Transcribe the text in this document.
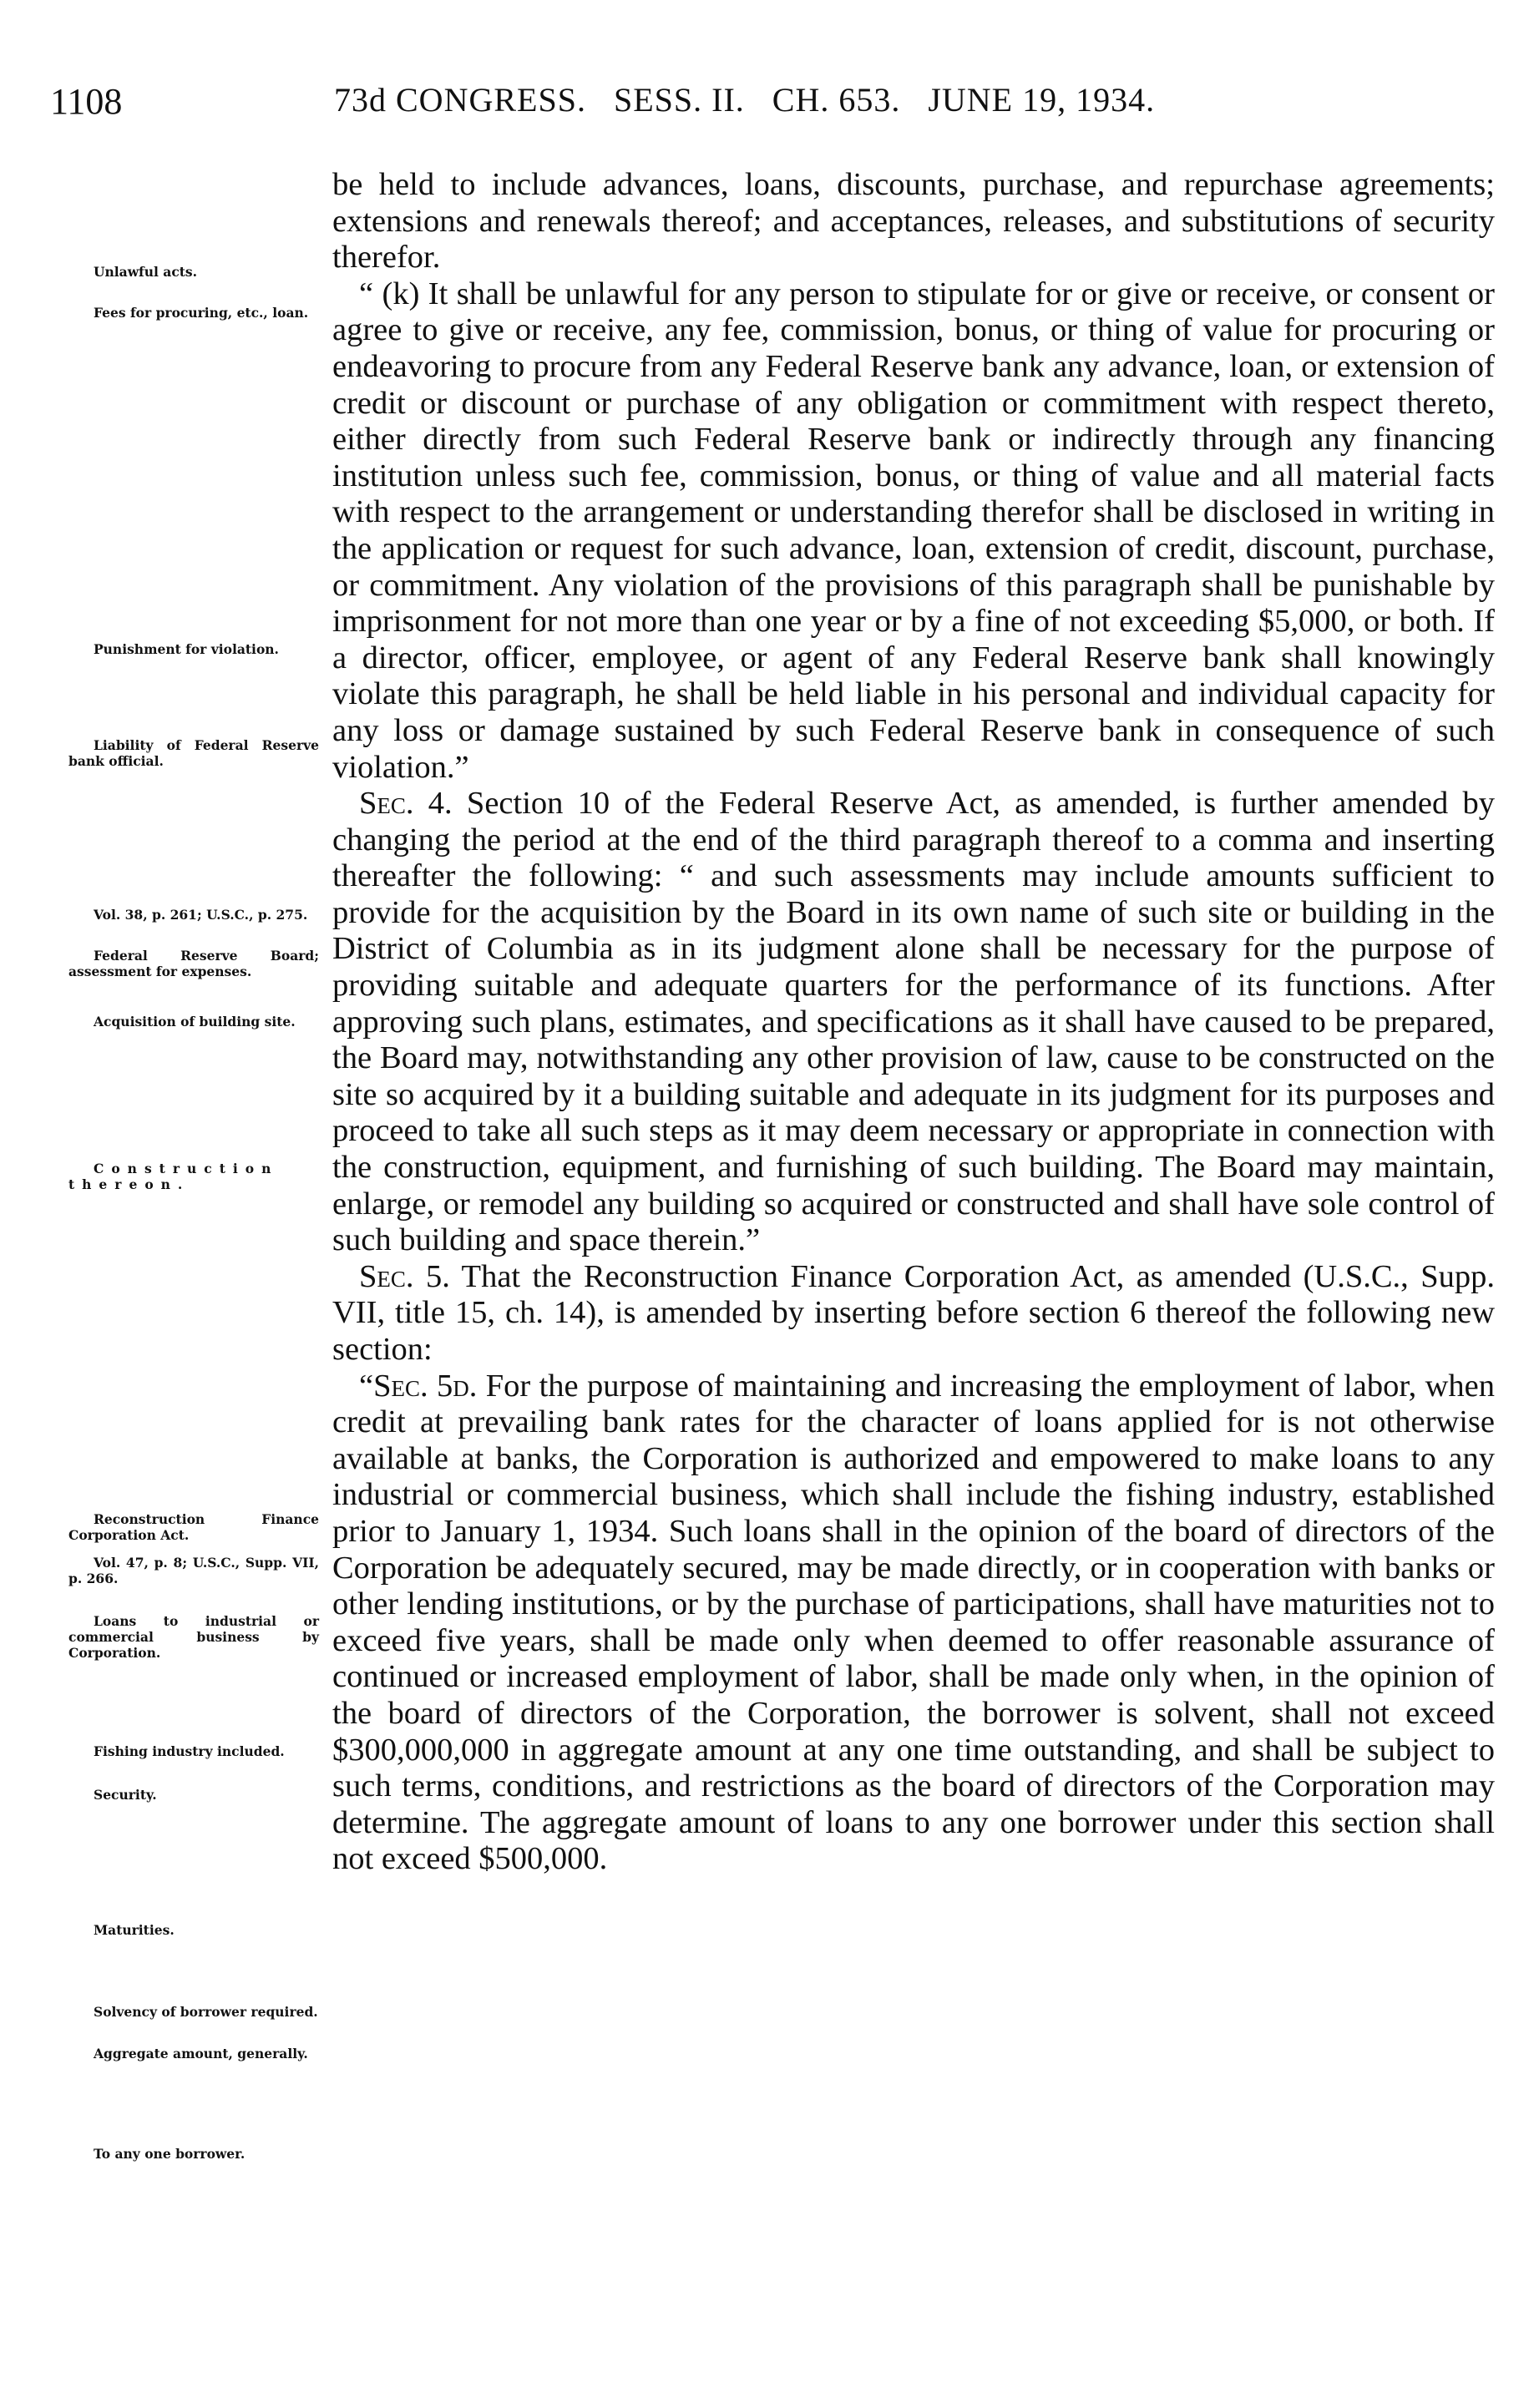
1108	73d CONGRESS.   SESS. II.   CH. 653.   JUNE 19, 1934.
Unlawful acts.
Fees for procuring, etc., loan.
Punishment for violation.
Liability of Federal Reserve bank official.
Vol. 38, p. 261; U.S.C., p. 275.
Federal Reserve Board; assessment for expenses.
Acquisition of building site.
Construction thereon.
Reconstruction Finance Corporation Act.
Vol. 47, p. 8; U.S.C., Supp. VII, p. 266.
Loans to industrial or commercial business by Corporation.
Fishing industry included.
Security.
Maturities.
Solvency of borrower required.
Aggregate amount, generally.
To any one borrower.

be held to include advances, loans, discounts, purchase, and repurchase agreements; extensions and renewals thereof; and acceptances, releases, and substitutions of security therefor.

“ (k) It shall be unlawful for any person to stipulate for or give or receive, or consent or agree to give or receive, any fee, commission, bonus, or thing of value for procuring or endeavoring to procure from any Federal Reserve bank any advance, loan, or extension of credit or discount or purchase of any obligation or commitment with respect thereto, either directly from such Federal Reserve bank or indirectly through any financing institution unless such fee, commission, bonus, or thing of value and all material facts with respect to the arrangement or understanding therefor shall be disclosed in writing in the application or request for such advance, loan, extension of credit, discount, purchase, or commitment. Any violation of the provisions of this paragraph shall be punishable by imprisonment for not more than one year or by a fine of not exceeding $5,000, or both. If a director, officer, employee, or agent of any Federal Reserve bank shall knowingly violate this paragraph, he shall be held liable in his personal and individual capacity for any loss or damage sustained by such Federal Reserve bank in consequence of such violation.”

Sec. 4. Section 10 of the Federal Reserve Act, as amended, is further amended by changing the period at the end of the third paragraph thereof to a comma and inserting thereafter the following: “ and such assessments may include amounts sufficient to provide for the acquisition by the Board in its own name of such site or building in the District of Columbia as in its judgment alone shall be necessary for the purpose of providing suitable and adequate quarters for the performance of its functions. After approving such plans, estimates, and specifications as it shall have caused to be prepared, the Board may, notwithstanding any other provision of law, cause to be constructed on the site so acquired by it a building suitable and adequate in its judgment for its purposes and proceed to take all such steps as it may deem necessary or appropriate in connection with the construction, equipment, and furnishing of such building. The Board may maintain, enlarge, or remodel any building so acquired or constructed and shall have sole control of such building and space therein.”

Sec. 5. That the Reconstruction Finance Corporation Act, as amended (U.S.C., Supp. VII, title 15, ch. 14), is amended by inserting before section 6 thereof the following new section:

“Sec. 5d. For the purpose of maintaining and increasing the employment of labor, when credit at prevailing bank rates for the character of loans applied for is not otherwise available at banks, the Corporation is authorized and empowered to make loans to any industrial or commercial business, which shall include the fishing industry, established prior to January 1, 1934. Such loans shall in the opinion of the board of directors of the Corporation be adequately secured, may be made directly, or in cooperation with banks or other lending institutions, or by the purchase of participations, shall have maturities not to exceed five years, shall be made only when deemed to offer reasonable assurance of continued or increased employment of labor, shall be made only when, in the opinion of the board of directors of the Corporation, the borrower is solvent, shall not exceed $300,000,000 in aggregate amount at any one time outstanding, and shall be subject to such terms, conditions, and restrictions as the board of directors of the Corporation may determine. The aggregate amount of loans to any one borrower under this section shall not exceed $500,000.
